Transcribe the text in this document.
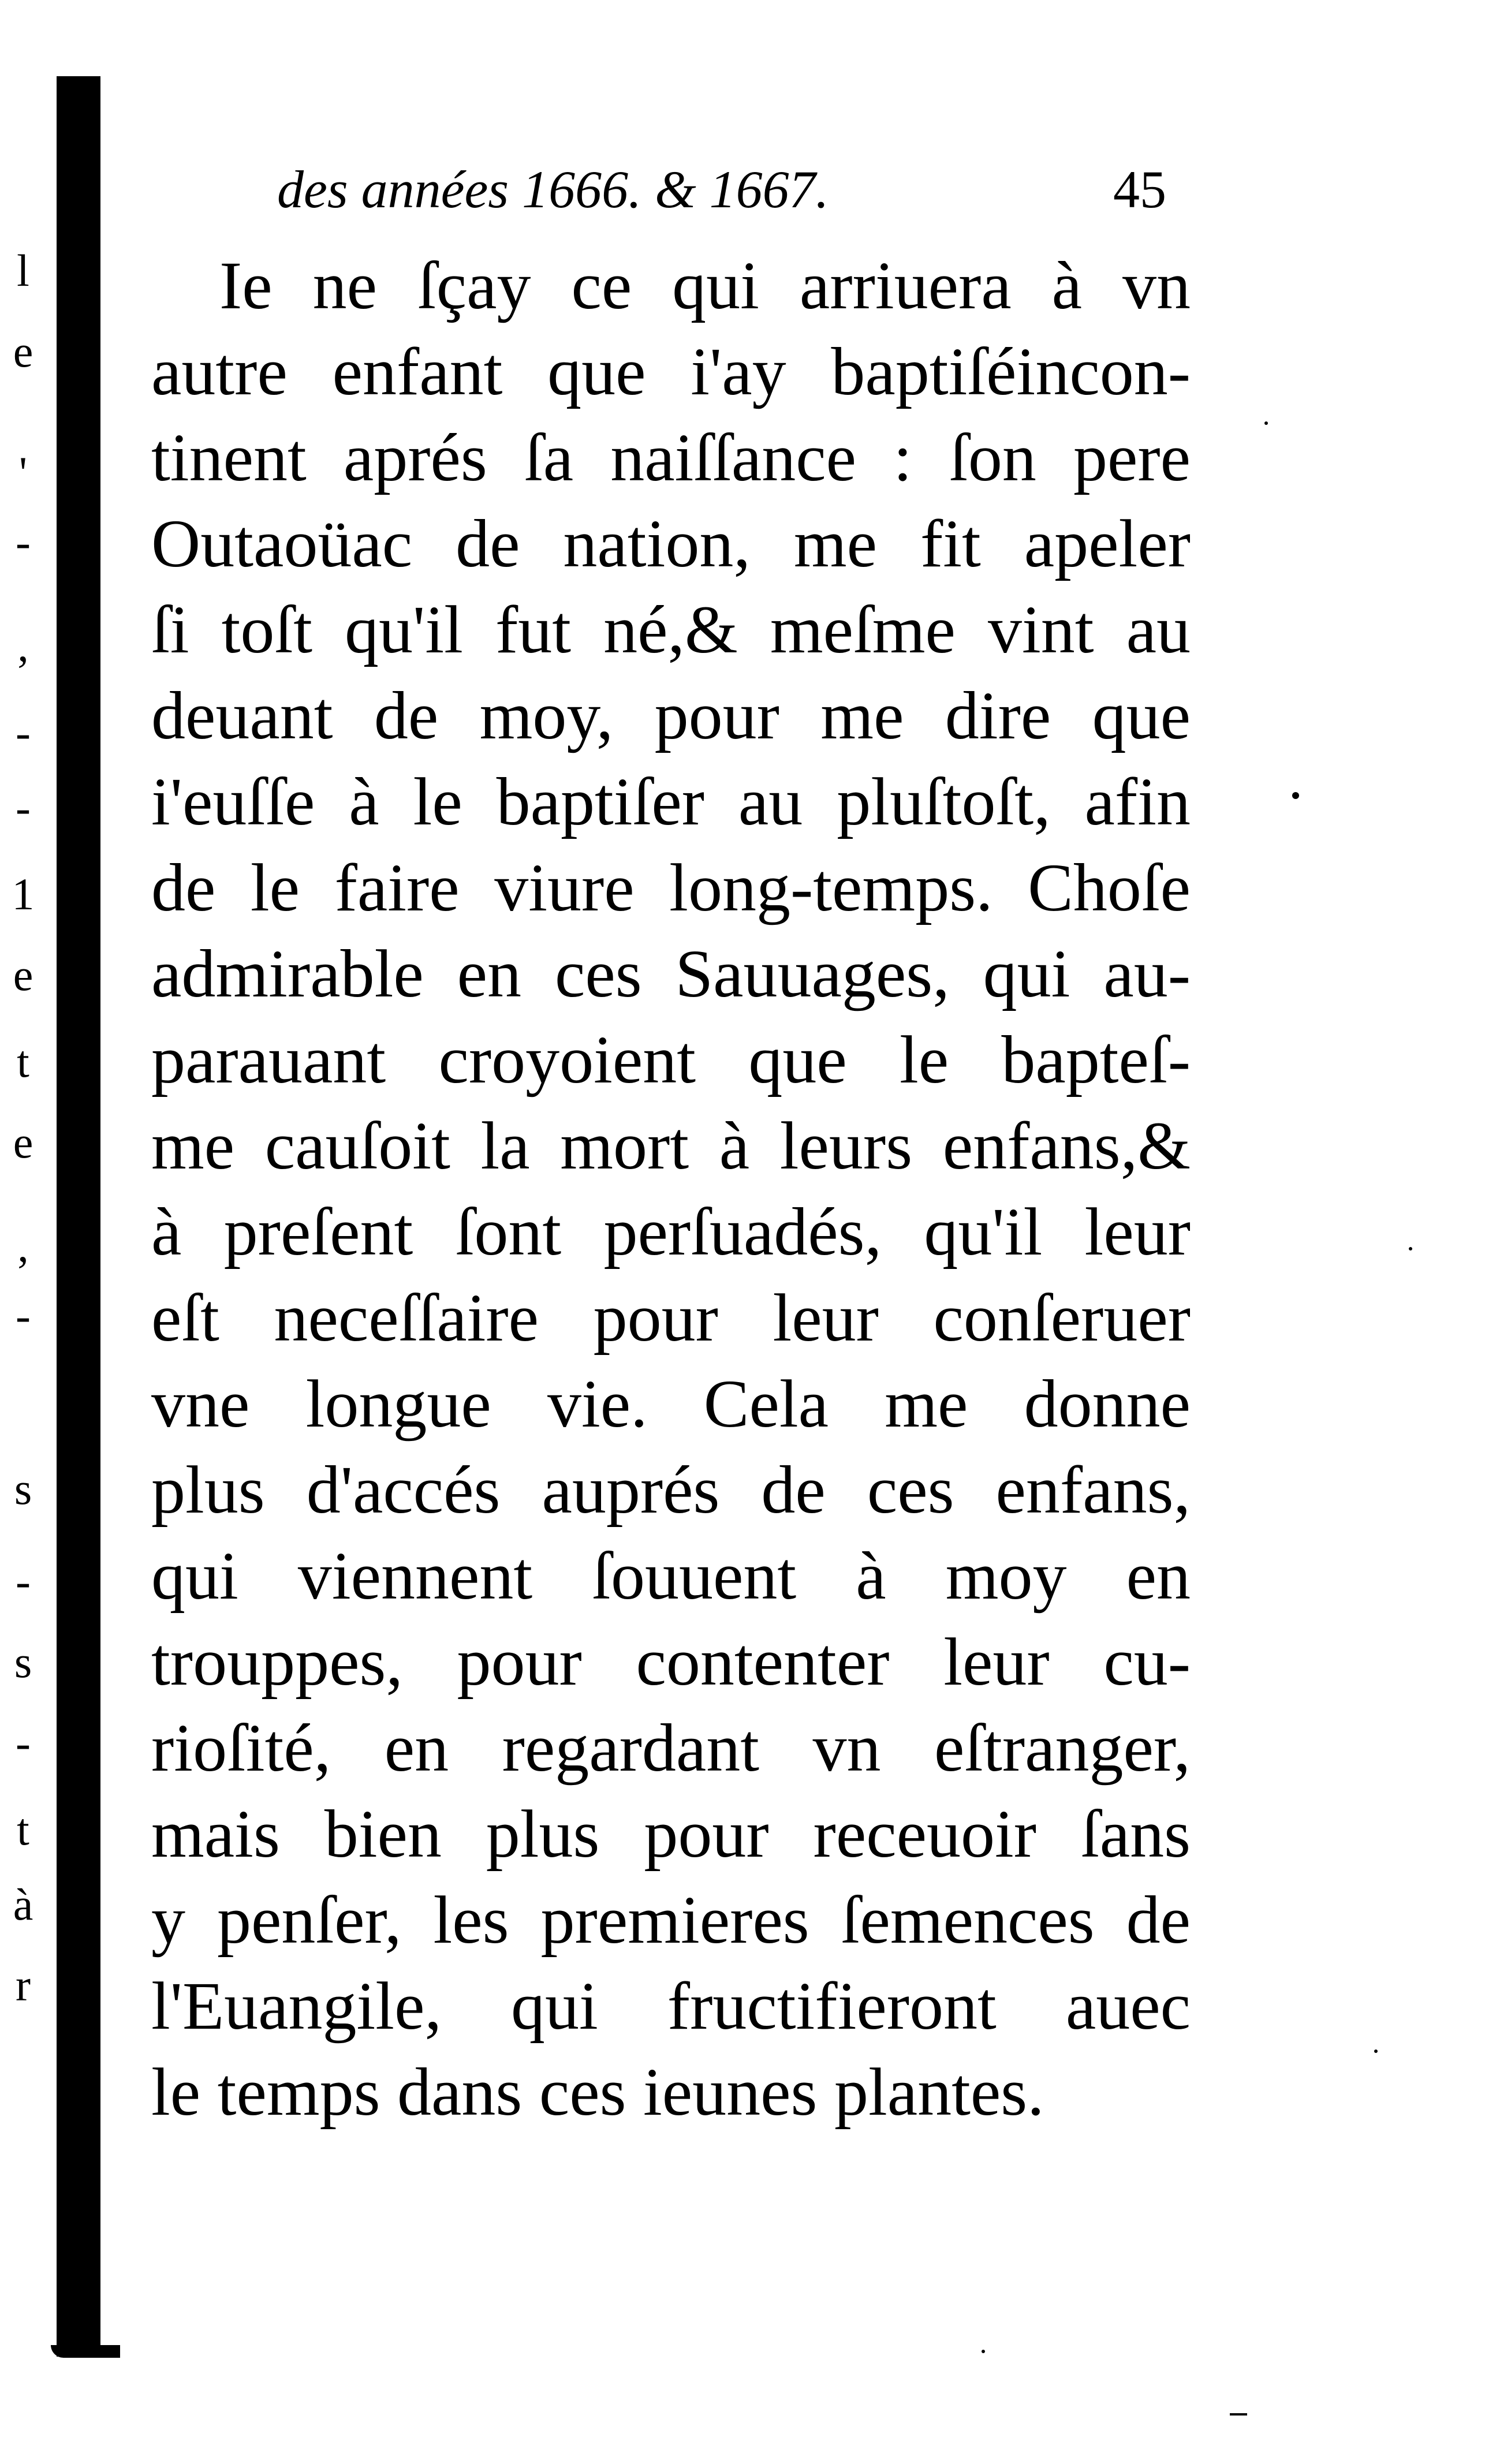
l
e
'
-
,
-
-
1
e
t
e
,
-
s
-
s
-
t
à
r
des années 1666. & 1667.	45
Ie ne ſçay ce qui arriuera à vn
autre enfant que i'ay baptiſéincon-
tinent aprés ſa naiſſance : ſon pere
Outaoüac de nation, me fit apeler
ſi toſt qu'il fut né,& meſme vint au
deuant de moy, pour me dire que
i'euſſe à le baptiſer au pluſtoſt, afin
de le faire viure long-temps. Choſe
admirable en ces Sauuages, qui au-
parauant croyoient que le bapteſ-
me cauſoit la mort à leurs enfans,&
à preſent ſont perſuadés, qu'il leur
eſt neceſſaire pour leur conſeruer
vne longue vie. Cela me donne
plus d'accés auprés de ces enfans,
qui viennent ſouuent à moy en
trouppes, pour contenter leur cu-
rioſité, en regardant vn eſtranger,
mais bien plus pour receuoir ſans
y penſer, les premieres ſemences de
l'Euangile, qui fructifieront auec
le temps dans ces ieunes plantes.
